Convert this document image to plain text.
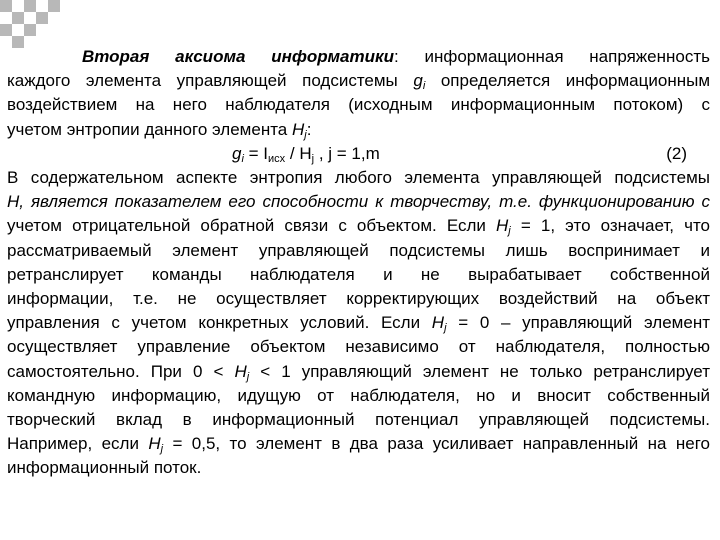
Вторая аксиома информатики: информационная напряженность
каждого элемента управляющей подсистемы $g_i$ определяется информационным
воздействием на него наблюдателя (исходным информационным потоком) с
учетом энтропии данного элемента $H_j$:
$g_i = I_{исх} / H_j$ , j = 1,m	(2)
В содержательном аспекте энтропия любого элемента управляющей подсистемы
H, является показателем его способности к творчеству, т.е. функционированию с
учетом отрицательной обратной связи с объектом. Если $H_j = 1$, это означает, что
рассматриваемый элемент управляющей подсистемы лишь воспринимает и
ретранслирует команды наблюдателя и не вырабатывает собственной
информации, т.е. не осуществляет корректирующих воздействий на объект
управления с учетом конкретных условий. Если $H_j = 0$ – управляющий элемент
осуществляет управление объектом независимо от наблюдателя, полностью
самостоятельно. При $0 < H_j < 1$ управляющий элемент не только ретранслирует
командную информацию, идущую от наблюдателя, но и вносит собственный
творческий вклад в информационный потенциал управляющей подсистемы.
Например, если $H_j = 0,5$, то элемент в два раза усиливает направленный на него
информационный поток.
